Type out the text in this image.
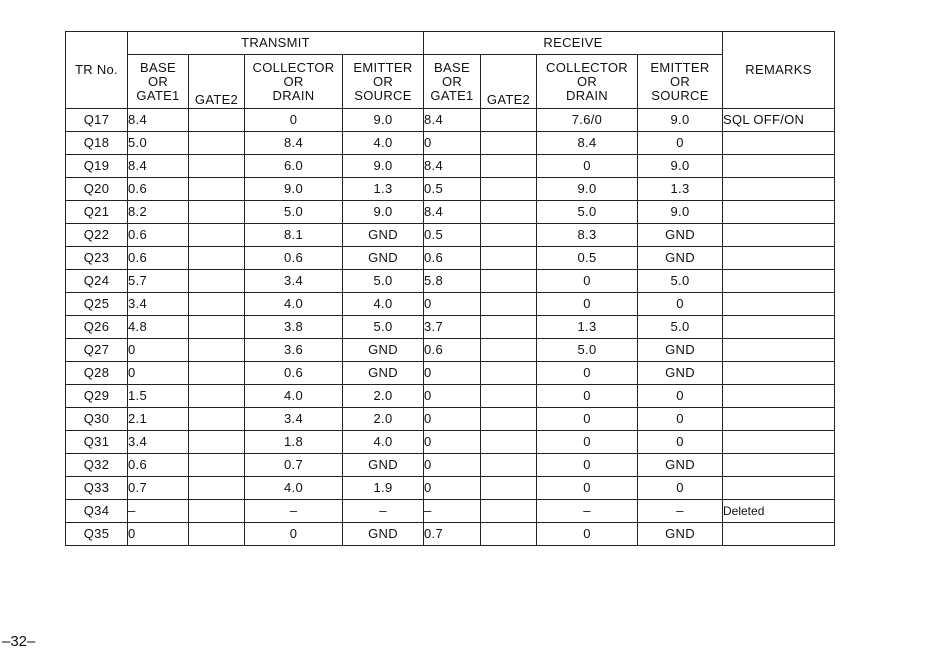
TR No.	TRANSMIT				RECEIVE				REMARKS

	BASE
OR
GATE1	GATE2	COLLECTOR
OR
DRAIN	EMITTER
OR
SOURCE	BASE
OR
GATE1	GATE2	COLLECTOR
OR
DRAIN	EMITTER
OR
SOURCE	

Q17	8.4		0	9.0	8.4		7.6/0	9.0	SQL OFF/ON
Q18	5.0		8.4	4.0	0		8.4	0	
Q19	8.4		6.0	9.0	8.4		0	9.0	
Q20	0.6		9.0	1.3	0.5		9.0	1.3	
Q21	8.2		5.0	9.0	8.4		5.0	9.0	
Q22	0.6		8.1	GND	0.5		8.3	GND	
Q23	0.6		0.6	GND	0.6		0.5	GND	
Q24	5.7		3.4	5.0	5.8		0	5.0	
Q25	3.4		4.0	4.0	0		0	0	
Q26	4.8		3.8	5.0	3.7		1.3	5.0	
Q27	0		3.6	GND	0.6		5.0	GND	
Q28	0		0.6	GND	0		0	GND	
Q29	1.5		4.0	2.0	0		0	0	
Q30	2.1		3.4	2.0	0		0	0	
Q31	3.4		1.8	4.0	0		0	0	
Q32	0.6		0.7	GND	0		0	GND	
Q33	0.7		4.0	1.9	0		0	0	
Q34	–		–	–	–		–	–	Deleted
Q35	0		0	GND	0.7		0	GND	
–32–
